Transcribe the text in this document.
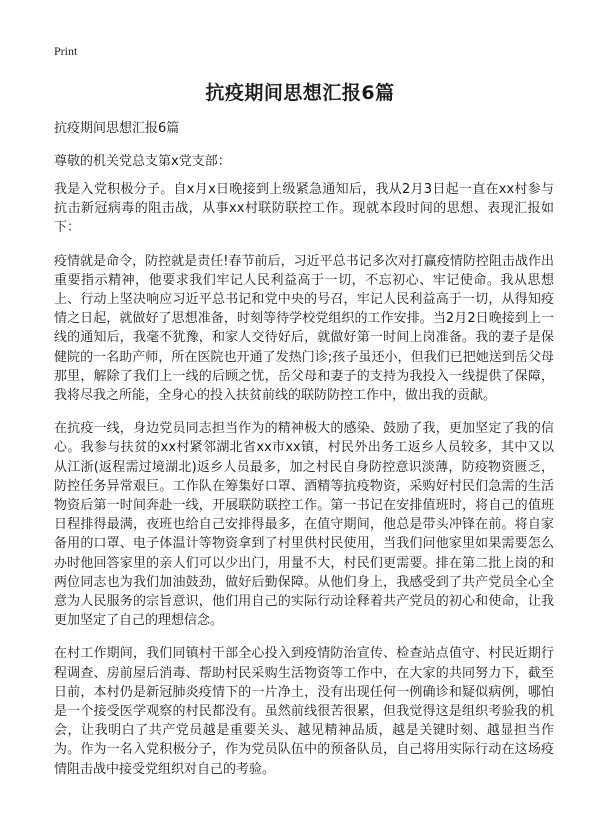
Print
抗疫期间思想汇报6篇

抗疫期间思想汇报6篇

尊敬的机关党总支第x党支部：

我是入党积极分子。自x月x日晚接到上级紧急通知后，我从2月3日起一直在xx村参与抗击新冠病毒的阻击战，从事xx村联防联控工作。现就本段时间的思想、表现汇报如下：

疫情就是命令，防控就是责任!春节前后，习近平总书记多次对打赢疫情防控阻击战作出重要指示精神，他要求我们牢记人民利益高于一切，不忘初心、牢记使命。我从思想上、行动上坚决响应习近平总书记和党中央的号召，牢记人民利益高于一切，从得知疫情之日起，就做好了思想准备，时刻等待学校党组织的工作安排。当2月2日晚接到上一线的通知后，我毫不犹豫，和家人交待好后，就做好第一时间上岗准备。我的妻子是保健院的一名助产师，所在医院也开通了发热门诊;孩子虽还小，但我们已把她送到岳父母那里，解除了我们上一线的后顾之忧，岳父母和妻子的支持为我投入一线提供了保障，我将尽我之所能，全身心的投入扶贫前线的联防防控工作中，做出我的贡献。

在抗疫一线，身边党员同志担当作为的精神极大的感染、鼓励了我，更加坚定了我的信心。我参与扶贫的xx村紧邻湖北省xx市xx镇，村民外出务工返乡人员较多，其中又以从江浙(返程需过境湖北)返乡人员最多，加之村民自身防控意识淡薄，防疫物资匮乏，防控任务异常艰巨。工作队在筹集好口罩、酒精等抗疫物资，采购好村民们急需的生活物资后第一时间奔赴一线，开展联防联控工作。第一书记在安排值班时，将自己的值班日程排得最满，夜班也给自己安排得最多，在值守期间，他总是带头冲锋在前。将自家备用的口罩、电子体温计等物资拿到了村里供村民使用，当我们问他家里如果需要怎么办时他回答家里的亲人们可以少出门，用量不大，村民们更需要。排在第二批上岗的和两位同志也为我们加油鼓劲，做好后勤保障。从他们身上，我感受到了共产党员全心全意为人民服务的宗旨意识，他们用自己的实际行动诠释着共产党员的初心和使命，让我更加坚定了自己的理想信念。

在村工作期间，我们同镇村干部全心投入到疫情防治宣传、检查站点值守、村民近期行程调查、房前屋后消毒、帮助村民采购生活物资等工作中，在大家的共同努力下，截至日前，本村仍是新冠肺炎疫情下的一片净土，没有出现任何一例确诊和疑似病例，哪怕是一个接受医学观察的村民都没有。虽然前线很苦很累，但我觉得这是组织考验我的机会，让我明白了共产党员越是重要关头、越见精神品质，越是关键时刻、越显担当作为。作为一名入党积极分子，作为党员队伍中的预备队员，自己将用实际行动在这场疫情阻击战中接受党组织对自己的考验。
